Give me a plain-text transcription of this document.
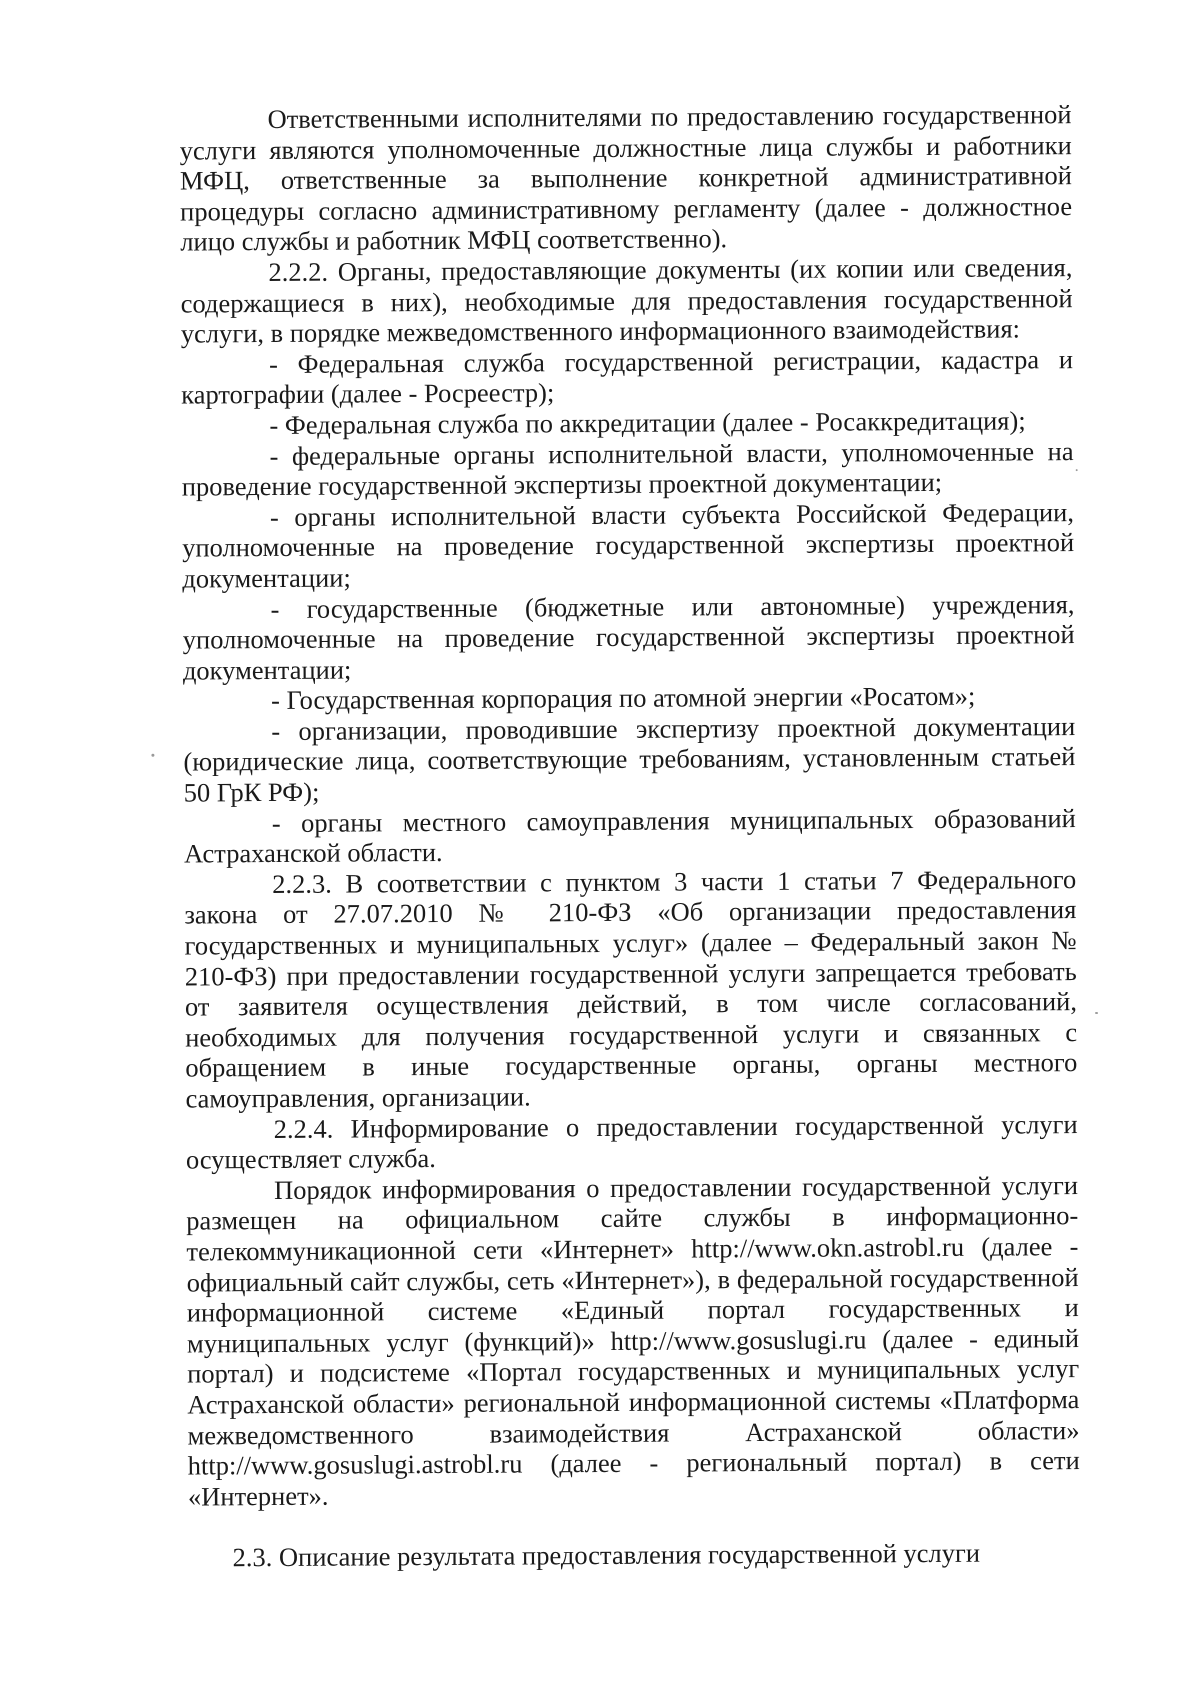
Ответственными исполнителями по предоставлению государственной услуги являются уполномоченные должностные лица службы и работники МФЦ, ответственные за выполнение конкретной административной процедуры согласно административному регламенту (далее - должностное лицо службы и работник МФЦ соответственно).

2.2.2. Органы, предоставляющие документы (их копии или сведения, содержащиеся в них), необходимые для предоставления государственной услуги, в порядке межведомственного информационного взаимодействия:

- Федеральная служба государственной регистрации, кадастра и картографии (далее - Росреестр);

- Федеральная служба по аккредитации (далее - Росаккредитация);

- федеральные органы исполнительной власти, уполномоченные на проведение государственной экспертизы проектной документации;

- органы исполнительной власти субъекта Российской Федерации, уполномоченные на проведение государственной экспертизы проектной документации;

- государственные (бюджетные или автономные) учреждения, уполномоченные на проведение государственной экспертизы проектной документации;

- Государственная корпорация по атомной энергии «Росатом»;

- организации, проводившие экспертизу проектной документации (юридические лица, соответствующие требованиям, установленным статьей 50 ГрК РФ);

- органы местного самоуправления муниципальных образований Астраханской области.

2.2.3. В соответствии с пунктом 3 части 1 статьи 7 Федерального закона от 27.07.2010 № 210-ФЗ «Об организации предоставления государственных и муниципальных услуг» (далее – Федеральный закон № 210-ФЗ) при предоставлении государственной услуги запрещается требовать от заявителя осуществления действий, в том числе согласований, необходимых для получения государственной услуги и связанных с обращением в иные государственные органы, органы местного самоуправления, организации.

2.2.4. Информирование о предоставлении государственной услуги осуществляет служба.

Порядок информирования о предоставлении государственной услуги размещен на официальном сайте службы в информационно-телекоммуникационной сети «Интернет» http://www.okn.astrobl.ru (далее - официальный сайт службы, сеть «Интернет»), в федеральной государственной информационной системе «Единый портал государственных и муниципальных услуг (функций)» http://www.gosuslugi.ru (далее - единый портал) и подсистеме «Портал государственных и муниципальных услуг Астраханской области» региональной информационной системы «Платформа межведомственного взаимодействия Астраханской области» http://www.gosuslugi.astrobl.ru (далее - региональный портал) в сети «Интернет».

2.3. Описание результата предоставления государственной услуги
